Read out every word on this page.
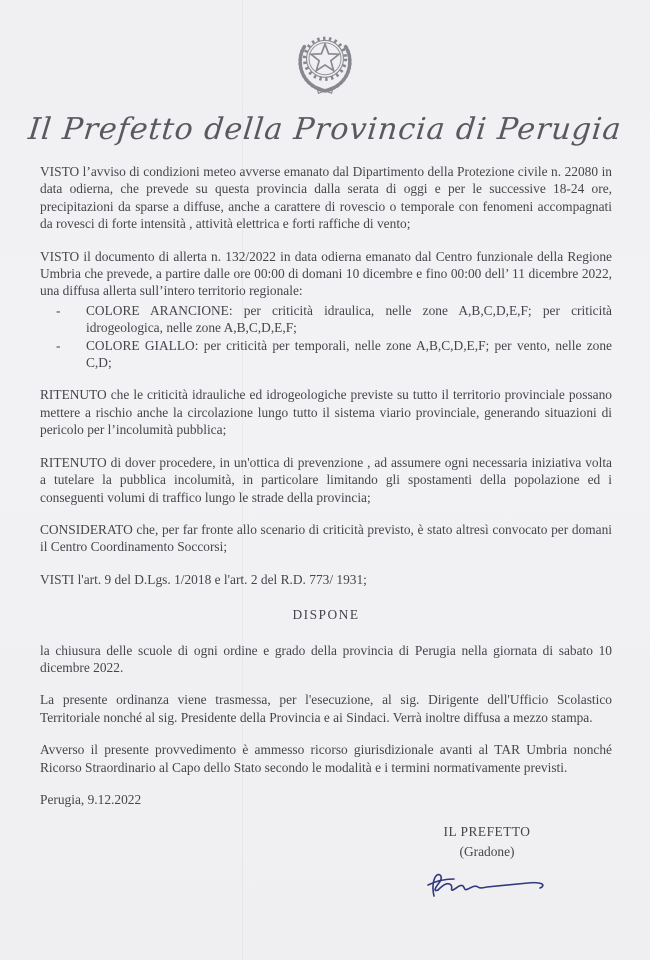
Il Prefetto della Provincia di Perugia

VISTO l’avviso di condizioni meteo avverse emanato dal Dipartimento della Protezione civile n. 22080 in data odierna, che prevede su questa provincia dalla serata di oggi e per le successive 18-24 ore, precipitazioni da sparse a diffuse, anche a carattere di rovescio o temporale con fenomeni accompagnati da rovesci di forte intensità , attività elettrica e forti raffiche di vento;

VISTO il documento di allerta n. 132/2022 in data odierna emanato dal Centro funzionale della Regione Umbria che prevede, a partire dalle ore 00:00 di domani 10 dicembre e fino 00:00 dell’ 11 dicembre 2022, una diffusa allerta sull’intero territorio regionale:

-	COLORE ARANCIONE: per criticità idraulica, nelle zone A,B,C,D,E,F; per criticità idrogeologica, nelle zone A,B,C,D,E,F;
-	COLORE GIALLO: per criticità per temporali, nelle zone A,B,C,D,E,F; per vento, nelle zone C,D;

RITENUTO che le criticità idrauliche ed idrogeologiche previste su tutto il territorio provinciale possano mettere a rischio anche la circolazione lungo tutto il sistema viario provinciale, generando situazioni di pericolo per l’incolumità pubblica;

RITENUTO di dover procedere, in un'ottica di prevenzione , ad assumere ogni necessaria iniziativa volta a tutelare la pubblica incolumità, in particolare limitando gli spostamenti della popolazione ed i conseguenti volumi di traffico lungo le strade della provincia;

CONSIDERATO che, per far fronte allo scenario di criticità previsto, è stato altresì convocato per domani il Centro Coordinamento Soccorsi;

VISTI l'art. 9 del D.Lgs. 1/2018 e l'art. 2 del R.D. 773/ 1931;

DISPONE

la chiusura delle scuole di ogni ordine e grado della provincia di Perugia nella giornata di sabato 10 dicembre 2022.

La presente ordinanza viene trasmessa, per l'esecuzione, al sig. Dirigente dell'Ufficio Scolastico Territoriale nonché al sig. Presidente della Provincia e ai Sindaci. Verrà inoltre diffusa a mezzo stampa.

Avverso il presente provvedimento è ammesso ricorso giurisdizionale avanti al TAR Umbria nonché Ricorso Straordinario al Capo dello Stato secondo le modalità e i termini normativamente previsti.

Perugia, 9.12.2022

IL PREFETTO
(Gradone)
